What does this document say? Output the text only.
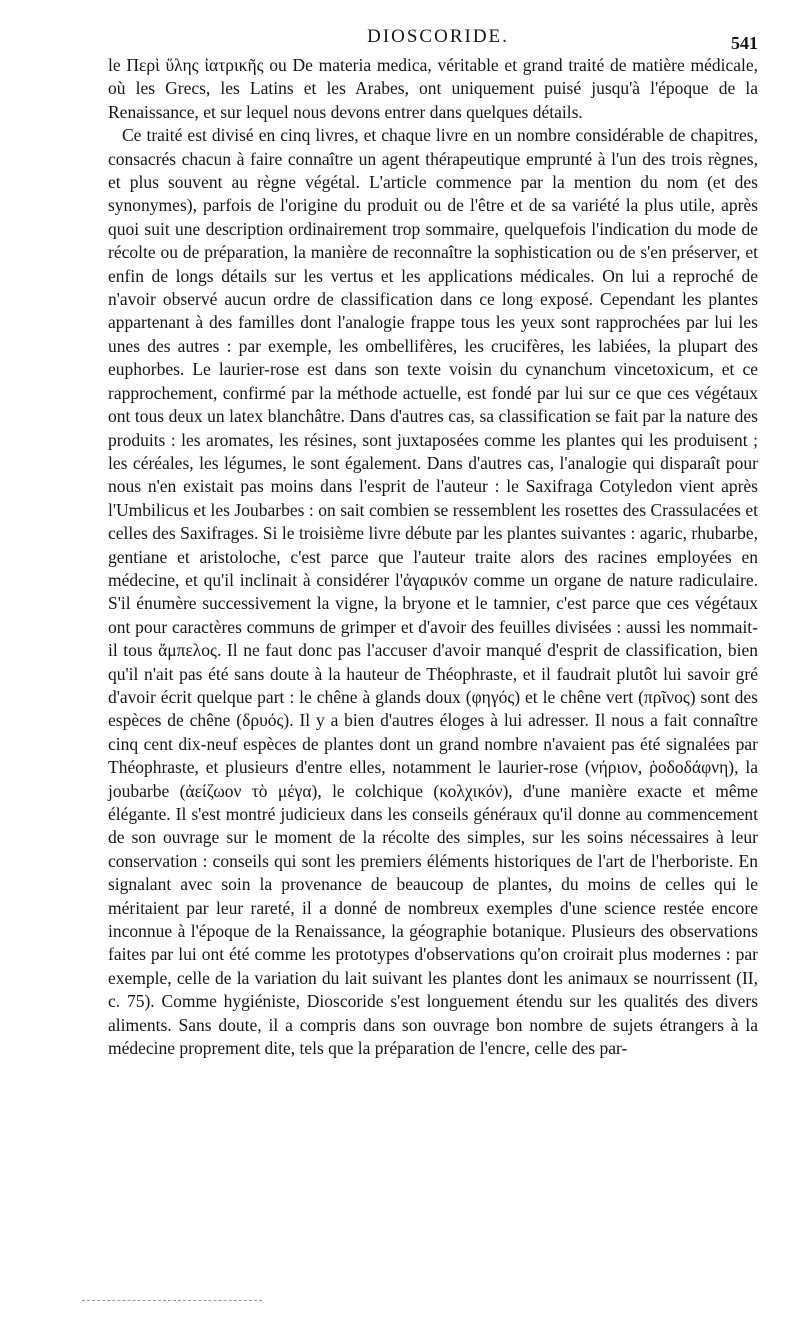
DIOSCORIDE.	541

le Περὶ ὕλης ἰατρικῆς ou De materia medica, véritable et grand traité de matière médicale, où les Grecs, les Latins et les Arabes, ont uniquement puisé jusqu'à l'époque de la Renaissance, et sur lequel nous devons entrer dans quelques détails.

Ce traité est divisé en cinq livres, et chaque livre en un nombre considérable de chapitres, consacrés chacun à faire connaître un agent thérapeutique emprunté à l'un des trois règnes, et plus souvent au règne végétal. L'article commence par la mention du nom (et des synonymes), parfois de l'origine du produit ou de l'être et de sa variété la plus utile, après quoi suit une description ordinairement trop sommaire, quelquefois l'indication du mode de récolte ou de préparation, la manière de reconnaître la sophistication ou de s'en préserver, et enfin de longs détails sur les vertus et les applications médicales. On lui a reproché de n'avoir observé aucun ordre de classification dans ce long exposé. Cependant les plantes appartenant à des familles dont l'analogie frappe tous les yeux sont rapprochées par lui les unes des autres : par exemple, les ombellifères, les crucifères, les labiées, la plupart des euphorbes. Le laurier-rose est dans son texte voisin du cynanchum vincetoxicum, et ce rapprochement, confirmé par la méthode actuelle, est fondé par lui sur ce que ces végétaux ont tous deux un latex blanchâtre. Dans d'autres cas, sa classification se fait par la nature des produits : les aromates, les résines, sont juxtaposées comme les plantes qui les produisent ; les céréales, les légumes, le sont également. Dans d'autres cas, l'analogie qui disparaît pour nous n'en existait pas moins dans l'esprit de l'auteur : le Saxifraga Cotyledon vient après l'Umbilicus et les Joubarbes : on sait combien se ressemblent les rosettes des Crassulacées et celles des Saxifrages. Si le troisième livre débute par les plantes suivantes : agaric, rhubarbe, gentiane et aristoloche, c'est parce que l'auteur traite alors des racines employées en médecine, et qu'il inclinait à considérer l'ἀγαρικόν comme un organe de nature radiculaire. S'il énumère successivement la vigne, la bryone et le tamnier, c'est parce que ces végétaux ont pour caractères communs de grimper et d'avoir des feuilles divisées : aussi les nommait-il tous ἄμπελος. Il ne faut donc pas l'accuser d'avoir manqué d'esprit de classification, bien qu'il n'ait pas été sans doute à la hauteur de Théophraste, et il faudrait plutôt lui savoir gré d'avoir écrit quelque part : le chêne à glands doux (φηγός) et le chêne vert (πρῖνος) sont des espèces de chêne (δρυός). Il y a bien d'autres éloges à lui adresser. Il nous a fait connaître cinq cent dix-neuf espèces de plantes dont un grand nombre n'avaient pas été signalées par Théophraste, et plusieurs d'entre elles, notamment le laurier-rose (νήριον, ῥοδοδάφνη), la joubarbe (ἀείζωον τὸ μέγα), le colchique (κολχικόν), d'une manière exacte et même élégante. Il s'est montré judicieux dans les conseils généraux qu'il donne au commencement de son ouvrage sur le moment de la récolte des simples, sur les soins nécessaires à leur conservation : conseils qui sont les premiers éléments historiques de l'art de l'herboriste. En signalant avec soin la provenance de beaucoup de plantes, du moins de celles qui le méritaient par leur rareté, il a donné de nombreux exemples d'une science restée encore inconnue à l'époque de la Renaissance, la géographie botanique. Plusieurs des observations faites par lui ont été comme les prototypes d'observations qu'on croirait plus modernes : par exemple, celle de la variation du lait suivant les plantes dont les animaux se nourrissent (II, c. 75). Comme hygiéniste, Dioscoride s'est longuement étendu sur les qualités des divers aliments. Sans doute, il a compris dans son ouvrage bon nombre de sujets étrangers à la médecine proprement dite, tels que la préparation de l'encre, celle des par-
